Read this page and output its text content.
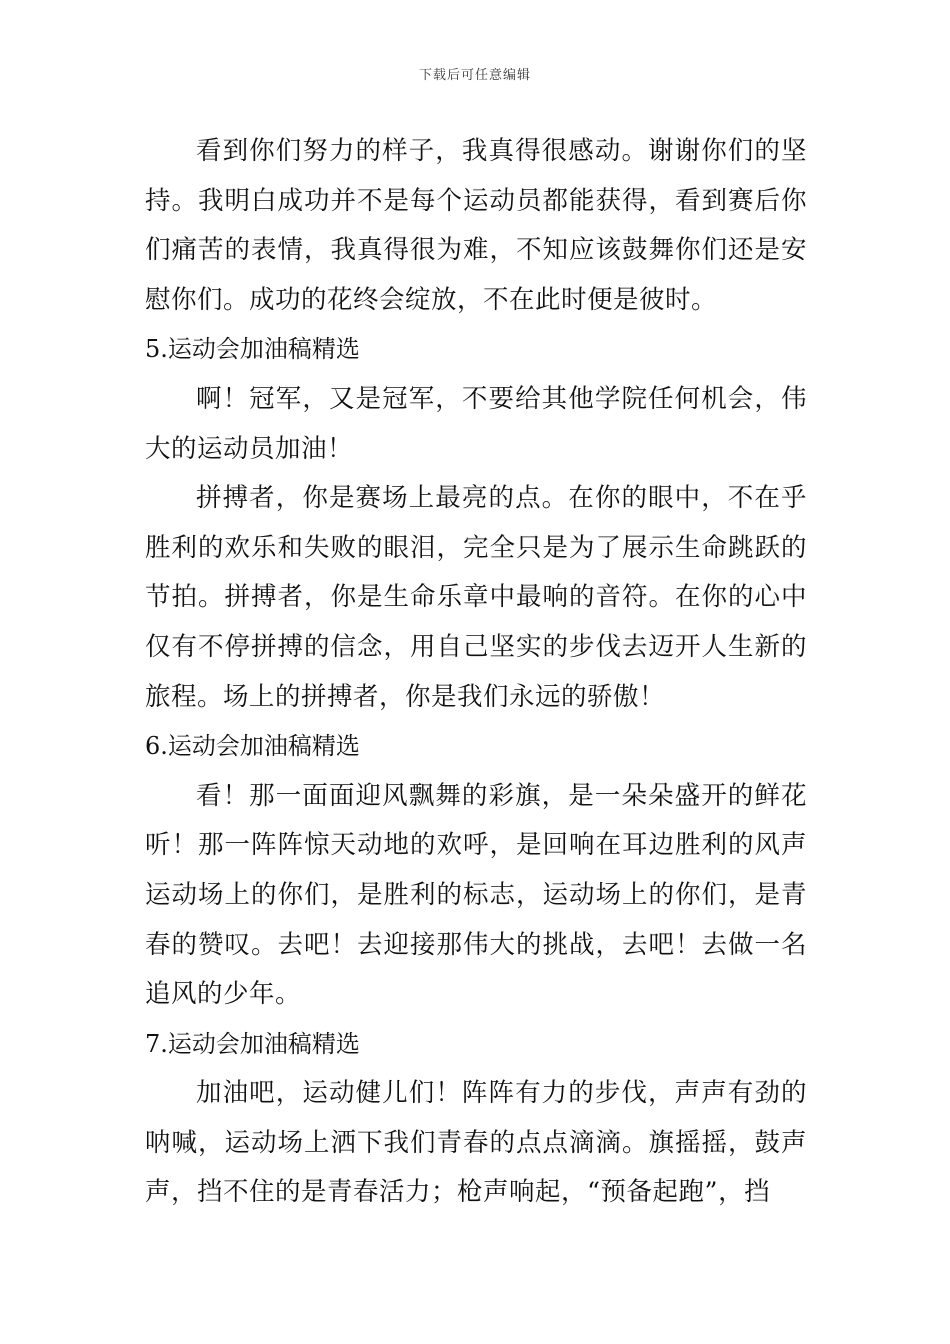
下载后可任意编辑

看到你们努力的样子，我真得很感动。谢谢你们的坚持。我明白成功并不是每个运动员都能获得，看到赛后你们痛苦的表情，我真得很为难，不知应该鼓舞你们还是安慰你们。成功的花终会绽放，不在此时便是彼时。

5.运动会加油稿精选

啊！冠军，又是冠军，不要给其他学院任何机会，伟大的运动员加油！

拼搏者，你是赛场上最亮的点。在你的眼中，不在乎胜利的欢乐和失败的眼泪，完全只是为了展示生命跳跃的节拍。拼搏者，你是生命乐章中最响的音符。在你的心中仅有不停拼搏的信念，用自己坚实的步伐去迈开人生新的旅程。场上的拼搏者，你是我们永远的骄傲！

6.运动会加油稿精选

看！那一面面迎风飘舞的彩旗，是一朵朵盛开的鲜花听！那一阵阵惊天动地的欢呼，是回响在耳边胜利的风声运动场上的你们，是胜利的标志，运动场上的你们，是青春的赞叹。去吧！去迎接那伟大的挑战，去吧！去做一名追风的少年。

7.运动会加油稿精选

加油吧，运动健儿们！阵阵有力的步伐，声声有劲的呐喊，运动场上洒下我们青春的点点滴滴。旗摇摇，鼓声声，挡不住的是青春活力；枪声响起，“预备起跑”，挡
